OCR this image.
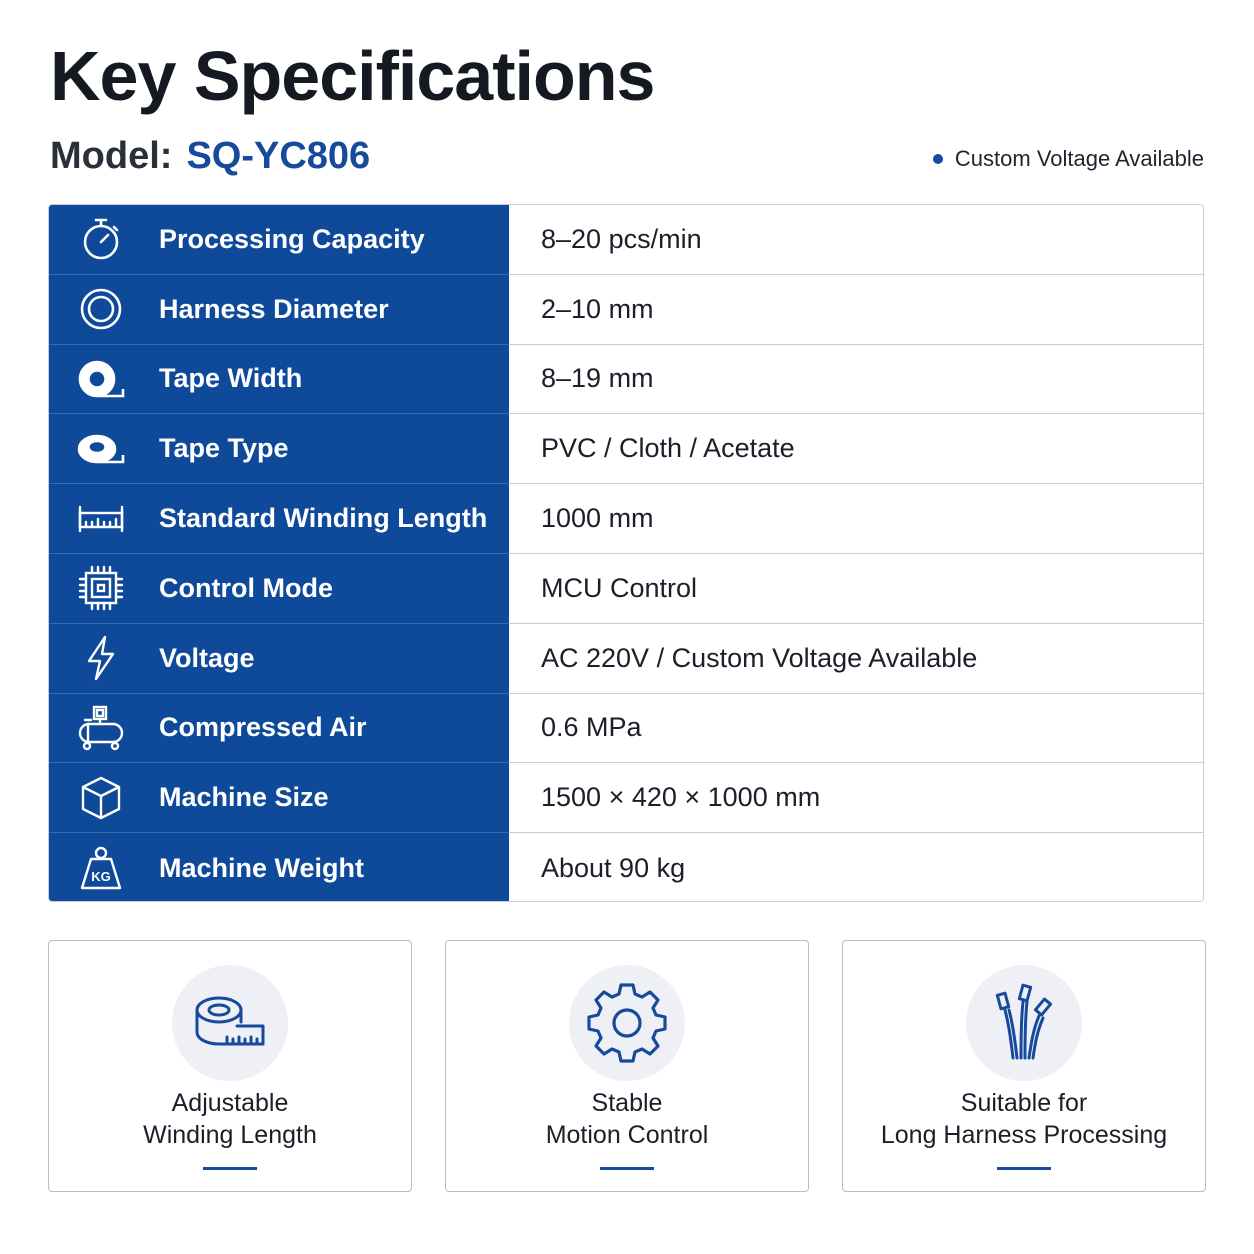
Key Specifications
Model: SQ-YC806	Custom Voltage Available
Processing Capacity	8–20 pcs/min
Harness Diameter	2–10 mm
Tape Width	8–19 mm
Tape Type	PVC / Cloth / Acetate
Standard Winding Length	1000 mm
Control Mode	MCU Control
Voltage	AC 220V / Custom Voltage Available
Compressed Air	0.6 MPa
Machine Size	1500 × 420 × 1000 mm
KG Machine Weight	About 90 kg
Adjustable
Winding Length
Stable
Motion Control
Suitable for
Long Harness Processing
